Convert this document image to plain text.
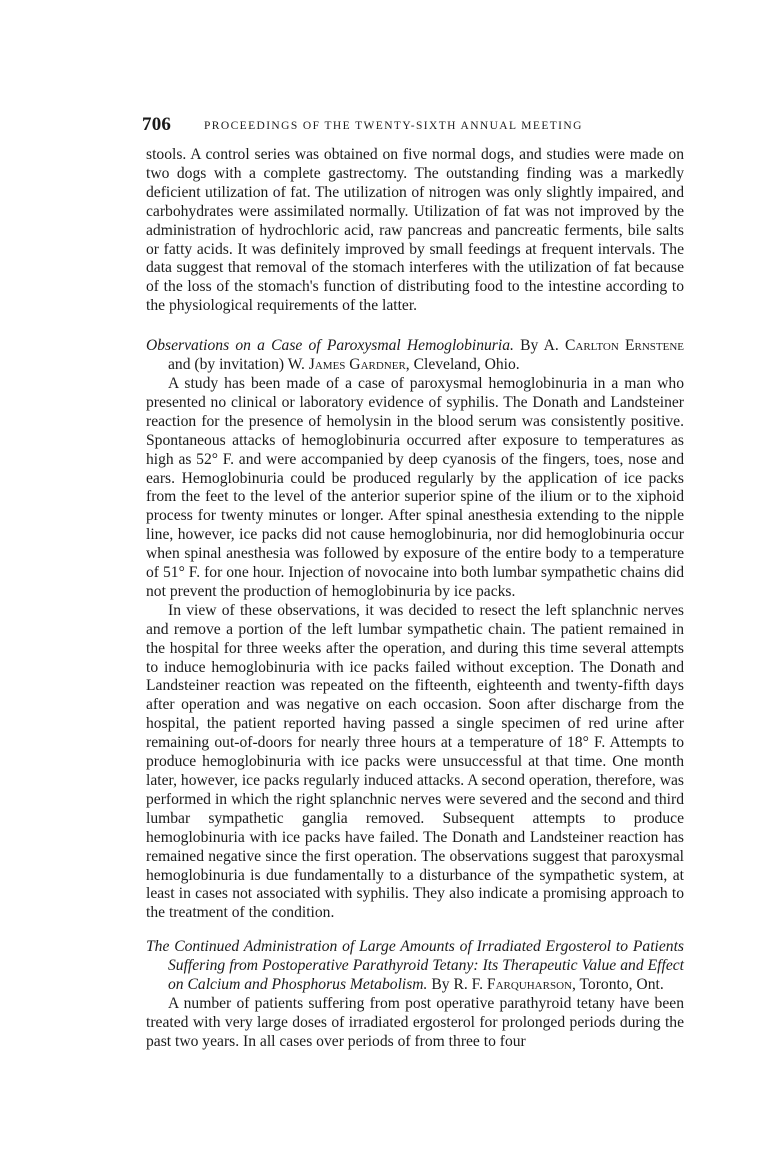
706	PROCEEDINGS OF THE TWENTY-SIXTH ANNUAL MEETING

stools. A control series was obtained on five normal dogs, and studies were made on two dogs with a complete gastrectomy. The outstanding finding was a markedly deficient utilization of fat. The utilization of nitrogen was only slightly impaired, and carbohydrates were assimilated normally. Utilization of fat was not improved by the administration of hydrochloric acid, raw pancreas and pancreatic ferments, bile salts or fatty acids. It was definitely improved by small feedings at frequent intervals. The data suggest that removal of the stomach interferes with the utilization of fat because of the loss of the stomach's function of distributing food to the intestine according to the physiological requirements of the latter.

Observations on a Case of Paroxysmal Hemoglobinuria. By A. Carlton Ernstene and (by invitation) W. James Gardner, Cleveland, Ohio.

A study has been made of a case of paroxysmal hemoglobinuria in a man who presented no clinical or laboratory evidence of syphilis. The Donath and Landsteiner reaction for the presence of hemolysin in the blood serum was consistently positive. Spontaneous attacks of hemoglobinuria occurred after exposure to temperatures as high as 52° F. and were accompanied by deep cyanosis of the fingers, toes, nose and ears. Hemoglobinuria could be produced regularly by the application of ice packs from the feet to the level of the anterior superior spine of the ilium or to the xiphoid process for twenty minutes or longer. After spinal anesthesia extending to the nipple line, however, ice packs did not cause hemoglobinuria, nor did hemoglobinuria occur when spinal anesthesia was followed by exposure of the entire body to a temperature of 51° F. for one hour. Injection of novocaine into both lumbar sympathetic chains did not prevent the production of hemoglobinuria by ice packs.

In view of these observations, it was decided to resect the left splanchnic nerves and remove a portion of the left lumbar sympathetic chain. The patient remained in the hospital for three weeks after the operation, and during this time several attempts to induce hemoglobinuria with ice packs failed without exception. The Donath and Landsteiner reaction was repeated on the fifteenth, eighteenth and twenty-fifth days after operation and was negative on each occasion. Soon after discharge from the hospital, the patient reported having passed a single specimen of red urine after remaining out-of-doors for nearly three hours at a temperature of 18° F. Attempts to produce hemoglobinuria with ice packs were unsuccessful at that time. One month later, however, ice packs regularly induced attacks. A second operation, therefore, was performed in which the right splanchnic nerves were severed and the second and third lumbar sympathetic ganglia removed. Subsequent attempts to produce hemoglobinuria with ice packs have failed. The Donath and Landsteiner reaction has remained negative since the first operation. The observations suggest that paroxysmal hemoglobinuria is due fundamentally to a disturbance of the sympathetic system, at least in cases not associated with syphilis. They also indicate a promising approach to the treatment of the condition.

The Continued Administration of Large Amounts of Irradiated Ergosterol to Patients Suffering from Postoperative Parathyroid Tetany: Its Therapeutic Value and Effect on Calcium and Phosphorus Metabolism. By R. F. Farquharson, Toronto, Ont.

A number of patients suffering from post operative parathyroid tetany have been treated with very large doses of irradiated ergosterol for prolonged periods during the past two years. In all cases over periods of from three to four
